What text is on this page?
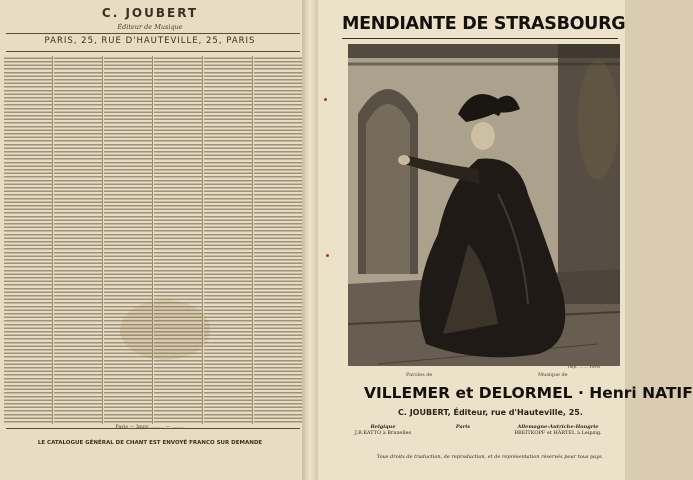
C. JOUBERT
Éditeur de Musique
PARIS, 25, RUE D'HAUTEVILLE, 25, PARIS
Paris — Impr. ........ — ........
LE CATALOGUE GÉNÉRAL DE CHANT EST ENVOYÉ FRANCO SUR DEMANDE
MENDIANTE DE STRASBOURG
Imp. ........ Paris
Paroles de	Musique de
VILLEMER et DELORMEL · Henri NATIF
C. JOUBERT, Éditeur, rue d'Hauteville, 25.
Belgique
J.B.KATTO à Bruxelles
Paris	Allemagne-Autriche-Hongrie
BREITKOPF et HÄRTEL à Leipzig.
Tous droits de traduction, de reproduction, et de représentation réservés pour tous pays.
